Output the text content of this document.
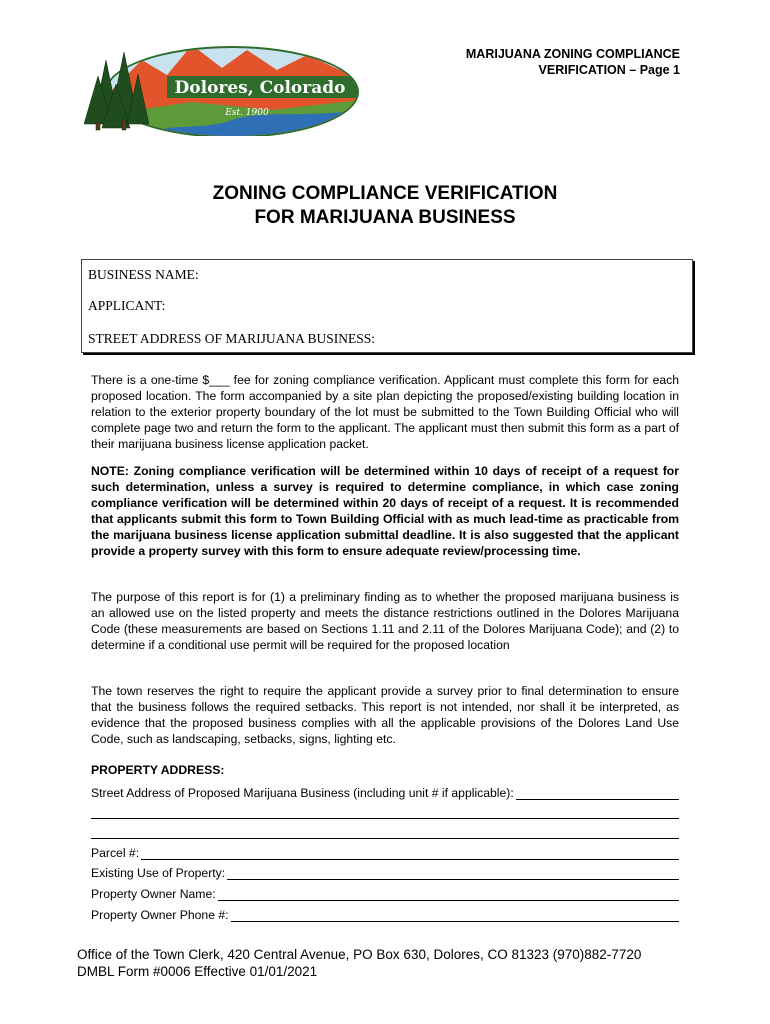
Dolores, Colorado
Est. 1900
MARIJUANA ZONING COMPLIANCE
VERIFICATION – Page 1
ZONING COMPLIANCE VERIFICATION
FOR MARIJUANA BUSINESS
BUSINESS NAME:
APPLICANT:
STREET ADDRESS OF MARIJUANA BUSINESS:
There is a one-time $___ fee for zoning compliance verification. Applicant must complete this form for each proposed location. The form accompanied by a site plan depicting the proposed/existing building location in relation to the exterior property boundary of the lot must be submitted to the Town Building Official who will complete page two and return the form to the applicant. The applicant must then submit this form as a part of their marijuana business license application packet.
NOTE: Zoning compliance verification will be determined within 10 days of receipt of a request for such determination, unless a survey is required to determine compliance, in which case zoning compliance verification will be determined within 20 days of receipt of a request. It is recommended that applicants submit this form to Town Building Official with as much lead-time as practicable from the marijuana business license application submittal deadline. It is also suggested that the applicant provide a property survey with this form to ensure adequate review/processing time.
The purpose of this report is for (1) a preliminary finding as to whether the proposed marijuana business is an allowed use on the listed property and meets the distance restrictions outlined in the Dolores Marijuana Code (these measurements are based on Sections 1.11 and 2.11 of the Dolores Marijuana Code); and (2) to determine if a conditional use permit will be required for the proposed location
The town reserves the right to require the applicant provide a survey prior to final determination to ensure that the business follows the required setbacks. This report is not intended, nor shall it be interpreted, as evidence that the proposed business complies with all the applicable provisions of the Dolores Land Use Code, such as landscaping, setbacks, signs, lighting etc.
PROPERTY ADDRESS:
Street Address of Proposed Marijuana Business (including unit # if applicable):
Parcel #:
Existing Use of Property:
Property Owner Name:
Property Owner Phone #:
Office of the Town Clerk, 420 Central Avenue, PO Box 630, Dolores, CO 81323 (970)882-7720
DMBL Form #0006 Effective 01/01/2021
